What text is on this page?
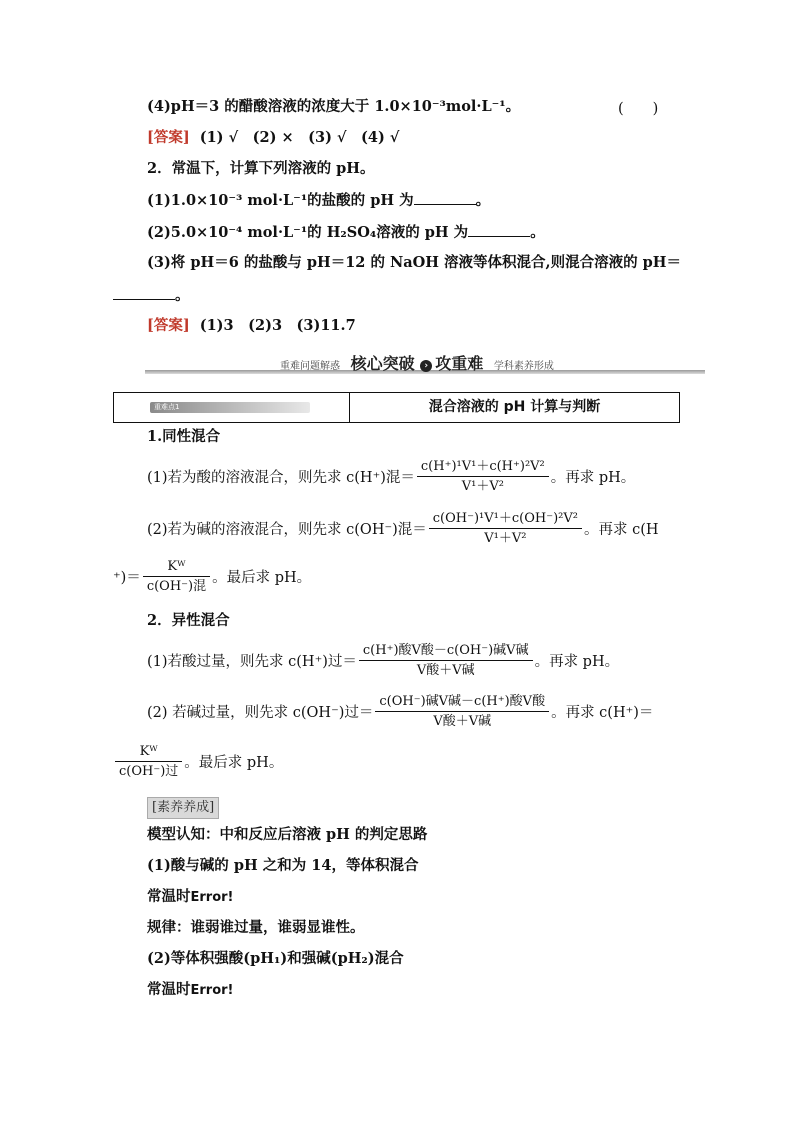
(4)pH＝3 的醋酸溶液的浓度大于 1.0×10⁻³mol·L⁻¹。	(　　)
[答案] (1) √　(2) ×　(3) √　(4) √
2．常温下，计算下列溶液的 pH。
(1)1.0×10⁻³ mol·L⁻¹的盐酸的 pH 为	。
(2)5.0×10⁻⁴ mol·L⁻¹的 H₂SO₄溶液的 pH 为	。
(3)将 pH＝6 的盐酸与 pH＝12 的 NaOH 溶液等体积混合,则混合溶液的 pH＝
。
[答案] (1)3　(2)3　(3)11.7
重难问题解惑 核心突破 › 攻重难 学科素养形成
重难点1	混合溶液的 pH 计算与判断
1.同性混合
(1)若为酸的溶液混合，则先求 c(H⁺)混＝ $\frac{\text{c(H⁺)¹V¹＋c(H⁺)²V²}}{\text{V¹＋V²}}$ 。再求 pH。
(2)若为碱的溶液混合，则先求 c(OH⁻)混＝ $\frac{\text{c(OH⁻)¹V¹＋c(OH⁻)²V²}}{\text{V¹＋V²}}$ 。再求 c(H
⁺)＝ $\frac{\text{Kᵂ}}{\text{c(OH⁻)混}}$ 。最后求 pH。
2．异性混合
(1)若酸过量，则先求 c(H⁺)过＝ $\frac{\text{c(H⁺)酸V酸－c(OH⁻)碱V碱}}{\text{V酸＋V碱}}$ 。再求 pH。
(2) 若碱过量，则先求 c(OH⁻)过＝ $\frac{\text{c(OH⁻)碱V碱－c(H⁺)酸V酸}}{\text{V酸＋V碱}}$ 。再求 c(H⁺)＝
$\frac{\text{Kᵂ}}{\text{c(OH⁻)过}}$ 。最后求 pH。
[素养养成]
模型认知：中和反应后溶液 pH 的判定思路
(1)酸与碱的 pH 之和为 14，等体积混合
常温时Error!
规律：谁弱谁过量，谁弱显谁性。
(2)等体积强酸(pH₁)和强碱(pH₂)混合
常温时Error!
